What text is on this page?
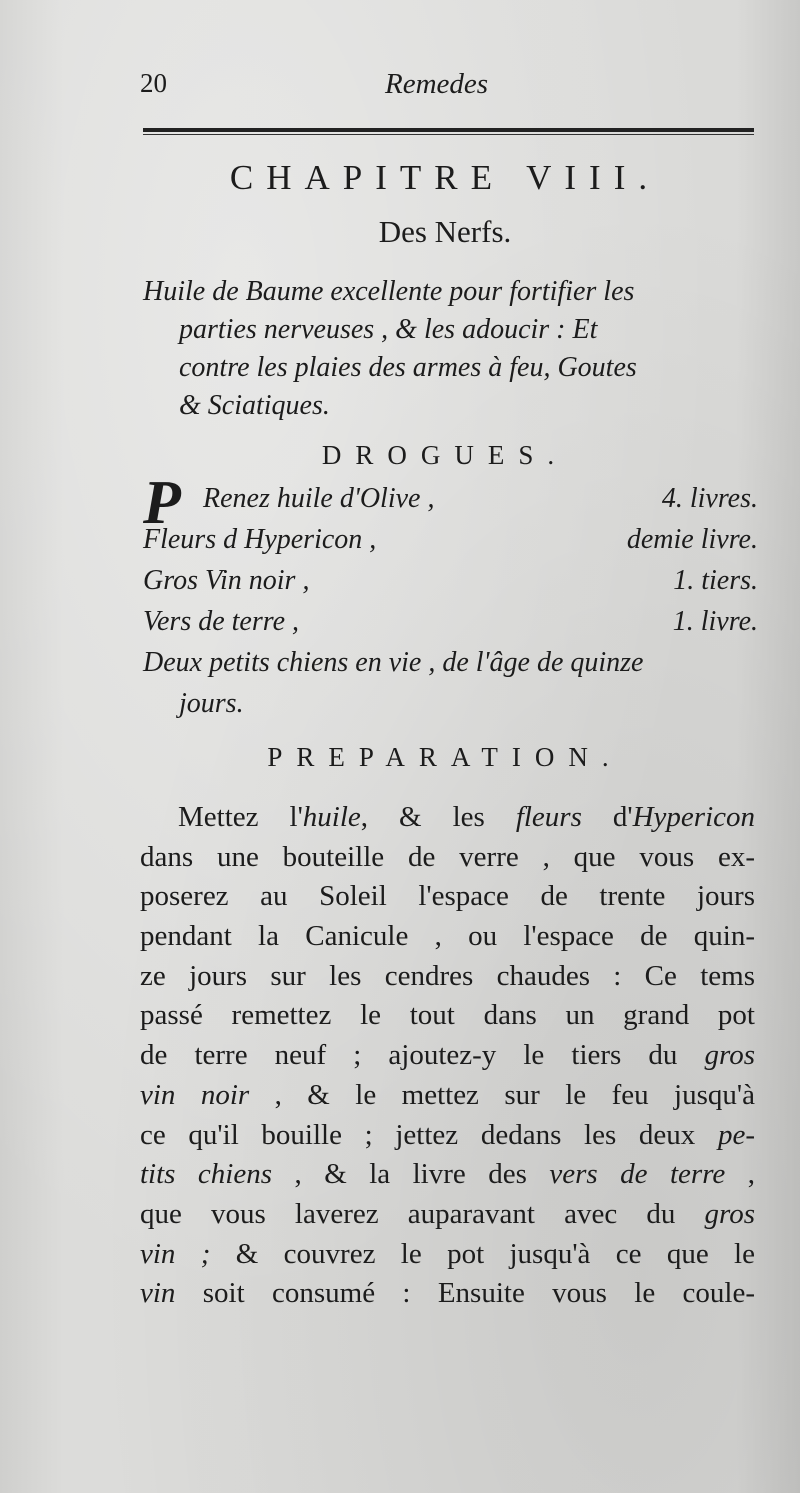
20	Remedes
CHAPITRE VIII.
Des Nerfs.
Huile de Baume excellente pour fortifier les
parties nerveuses , & les adoucir : Et
contre les plaies des armes à feu, Goutes
& Sciatiques.
DROGUES.
P Renez huile d'Olive ,	4. livres.
Fleurs d Hypericon ,	demie livre.
Gros Vin noir ,	1. tiers.
Vers de terre ,	1. livre.
Deux petits chiens en vie , de l'âge de quinze
jours.
PREPARATION.
Mettez l'huile, & les fleurs d'Hypericon
dans une bouteille de verre , que vous ex-
poserez au Soleil l'espace de trente jours
pendant la Canicule , ou l'espace de quin-
ze jours sur les cendres chaudes : Ce tems
passé remettez le tout dans un grand pot
de terre neuf ; ajoutez-y le tiers du gros
vin noir , & le mettez sur le feu jusqu'à
ce qu'il bouille ; jettez dedans les deux pe-
tits chiens , & la livre des vers de terre ,
que vous laverez auparavant avec du gros
vin ; & couvrez le pot jusqu'à ce que le
vin soit consumé : Ensuite vous le coule-
